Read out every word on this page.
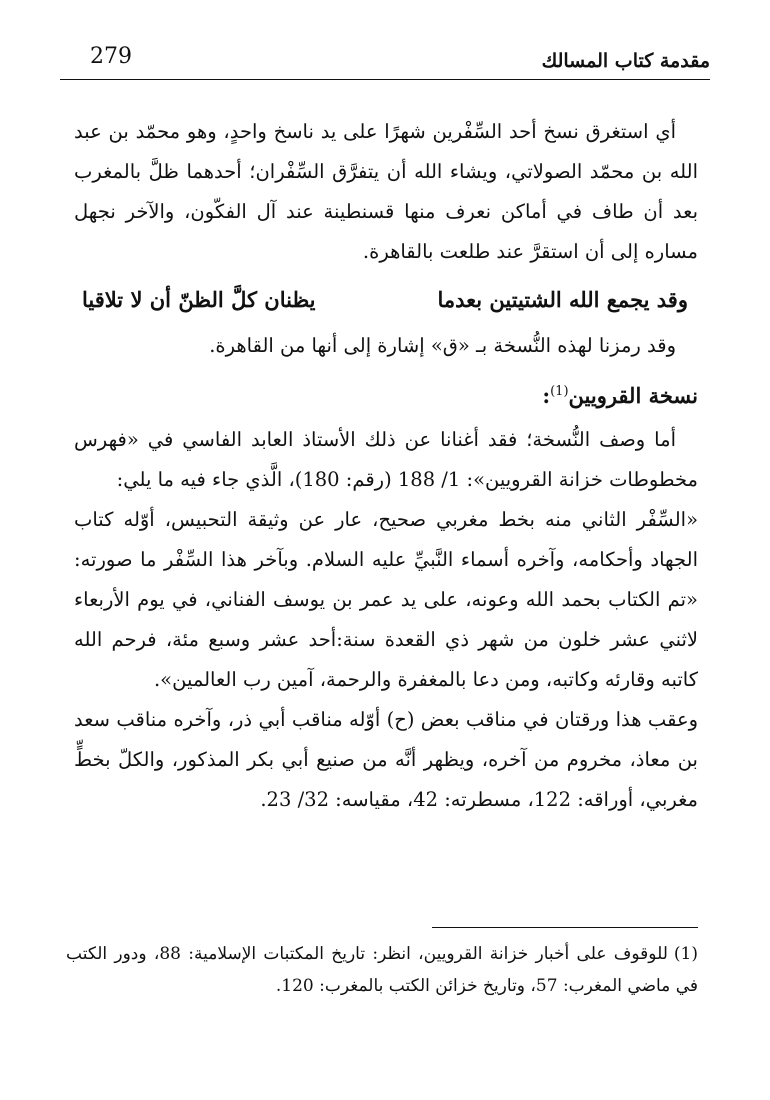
مقدمة كتاب المسالك
279

أي استغرق نسخ أحد السِّفْرين شهرًا على يد ناسخ واحدٍ، وهو محمّد بن عبد الله بن محمّد الصولاتي، ويشاء الله أن يتفرَّق السِّفْران؛ أحدهما ظلَّ بالمغرب بعد أن طاف في أماكن نعرف منها قسنطينة عند آل الفكّون، والآخر نجهل مساره إلى أن استقرَّ عند طلعت بالقاهرة.

وقد يجمع الله الشتيتين بعدما
يظنان كلَّ الظنّ أن لا تلاقيا

وقد رمزنا لهذه النُّسخة بـ «ق» إشارة إلى أنها من القاهرة.

نسخة القرويين$^{(1)}$:

أما وصف النُّسخة؛ فقد أغنانا عن ذلك الأستاذ العابد الفاسي في «فهرس مخطوطات خزانة القرويين»: 1/ 188 (رقم: 180)، الَّذي جاء فيه ما يلي:

«السِّفْر الثاني منه بخط مغربي صحيح، عار عن وثيقة التحبيس، أوّله كتاب الجهاد وأحكامه، وآخره أسماء النَّبيِّ عليه السلام. وبآخر هذا السِّفْر ما صورته: «تم الكتاب بحمد الله وعونه، على يد عمر بن يوسف الفناني، في يوم الأربعاء لاثني عشر خلون من شهر ذي القعدة سنة:أحد عشر وسبع مئة، فرحم الله كاتبه وقارئه وكاتبه، ومن دعا بالمغفرة والرحمة، آمين رب العالمين».

وعقب هذا ورقتان في مناقب بعض (ح) أوّله مناقب أبي ذر، وآخره مناقب سعد بن معاذ، مخروم من آخره، ويظهر أنَّه من صنيع أبي بكر المذكور، والكلّ بخطٍّ مغربي، أوراقه: 122، مسطرته: 42، مقياسه: 32/ 23.

(1)للوقوف على أخبار خزانة القرويين، انظر: تاريخ المكتبات الإسلامية: 88، ودور الكتب في ماضي المغرب: 57، وتاريخ خزائن الكتب بالمغرب: 120.
